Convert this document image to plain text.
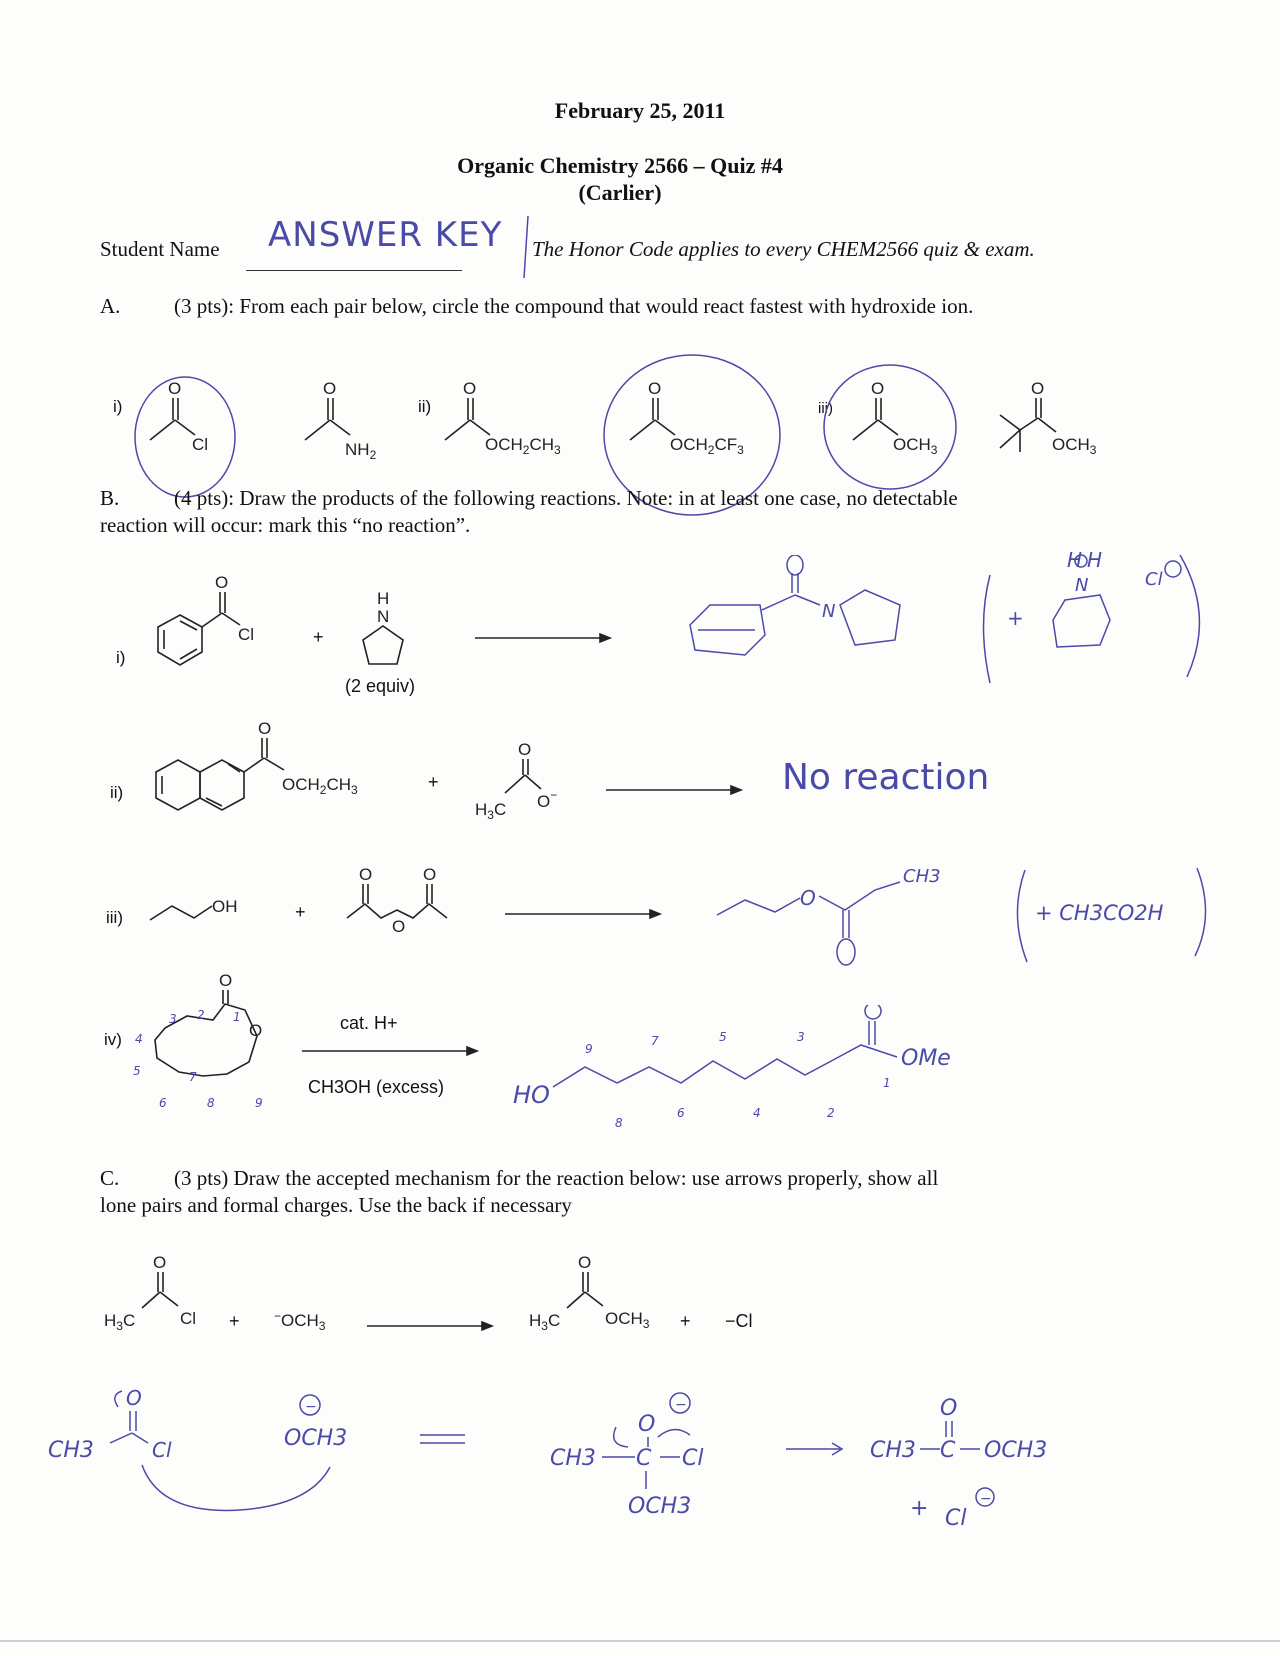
February 25, 2011
Organic Chemistry 2566 – Quiz #4
(Carlier)
Student Name ANSWER KEY The Honor Code applies to every CHEM2566 quiz & exam.
A.	(3 pts): From each pair below, circle the compound that would react fastest with hydroxide ion.
i)	ii)	iii)
O
Cl
O
$NH_2$
O
$OCH_2CH_3$
O
$OCH_2CF_3$
O
$OCH_3$
O
$OCH_3$
B.	(4 pts): Draw the products of the following reactions. Note: in at least one case, no detectable
reaction will occur: mark this “no reaction”.
i)
O
Cl	+
H
N
(2 equiv)
N	+
H H
N	Cl
ii)
O
$OCH_2CH_3$	+
O
$H_3C$ O−	No reaction
iii)
OH	+
O	O
O
O
CH3
+ CH3CO2H
iv)
O
O
3 2 1
4
5
6
7
8	9
cat. H+
CH3OH (excess)	HO
OMe
9
7	5	3
8
6	4	2
1
C.	(3 pts) Draw the accepted mechanism for the reaction below: use arrows properly, show all
lone pairs and formal charges. Use the back if necessary
O
$H_3C$	Cl +	$^-OCH_3$
O
$H_3C$	$OCH_3 + -Cl$
CH3
O
Cl	OCH3
−
CH3 C
O
−
Cl
OCH3
CH3 C
O
OCH3
+ Cl
−
